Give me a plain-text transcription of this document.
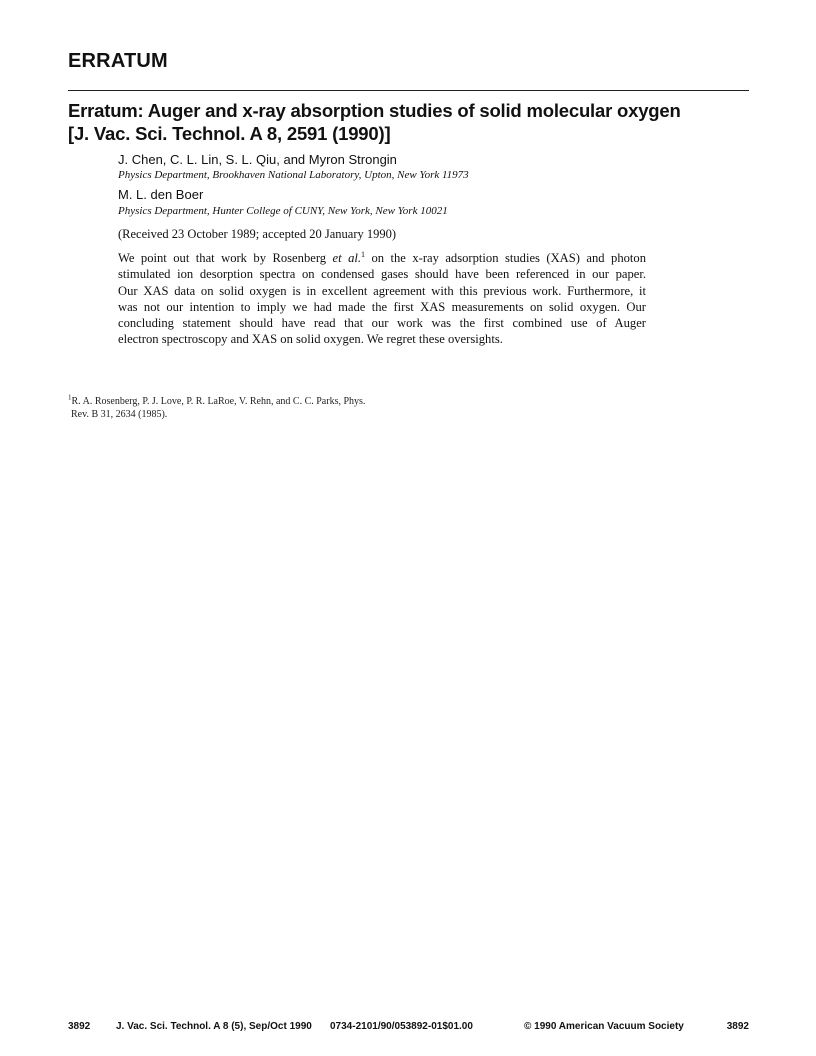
ERRATUM
Erratum: Auger and x-ray absorption studies of solid molecular oxygen
[J. Vac. Sci. Technol. A 8, 2591 (1990)]
J. Chen, C. L. Lin, S. L. Qiu, and Myron Strongin
Physics Department, Brookhaven National Laboratory, Upton, New York 11973
M. L. den Boer
Physics Department, Hunter College of CUNY, New York, New York 10021
(Received 23 October 1989; accepted 20 January 1990)
We point out that work by Rosenberg et al.$^1$ on the x-ray adsorption studies (XAS) and photon
stimulated ion desorption spectra on condensed gases should have been referenced in our paper.
Our XAS data on solid oxygen is in excellent agreement with this previous work. Furthermore, it
was not our intention to imply we had made the first XAS measurements on solid oxygen. Our
concluding statement should have read that our work was the first combined use of Auger
electron spectroscopy and XAS on solid oxygen. We regret these oversights.
$^1$R. A. Rosenberg, P. J. Love, P. R. LaRoe, V. Rehn, and C. C. Parks, Phys.
Rev. B 31, 2634 (1985).
3892	J. Vac. Sci. Technol. A 8 (5), Sep/Oct 1990 0734-2101/90/053892-01$01.00	© 1990 American Vacuum Society	3892
